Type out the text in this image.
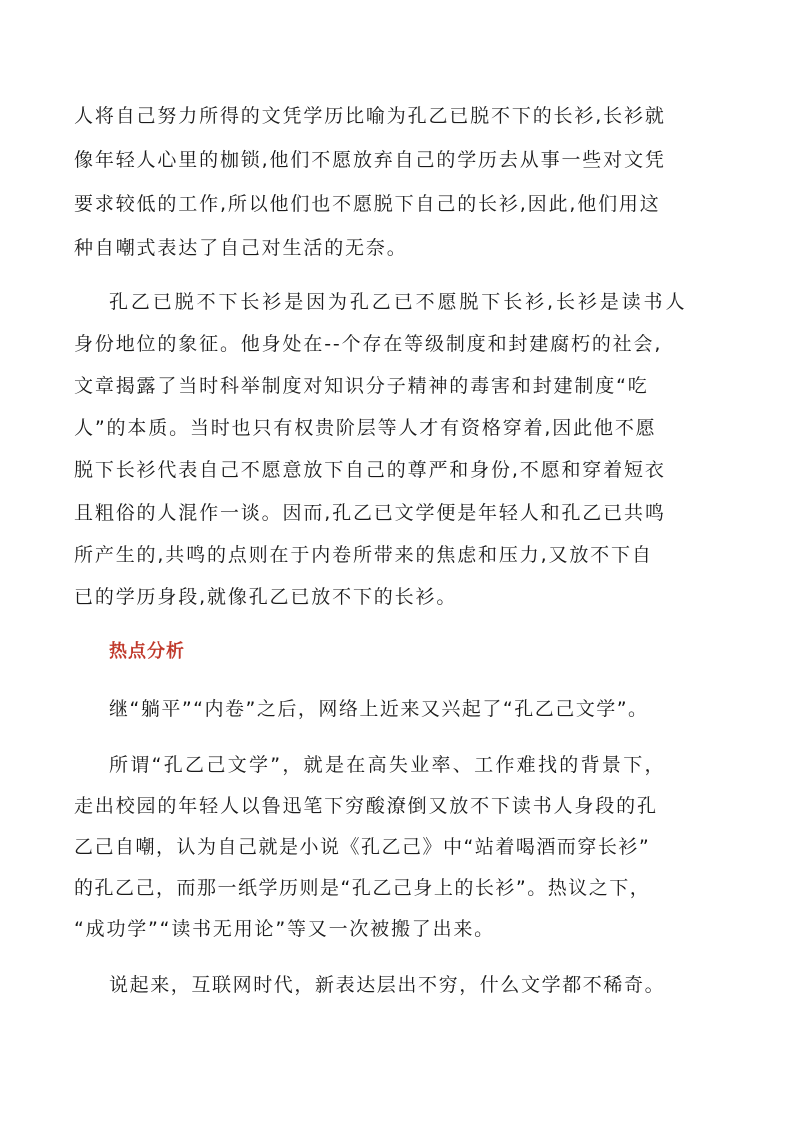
人将自己努力所得的文凭学历比喻为孔乙已脱不下的长衫,长衫就
像年轻人心里的枷锁,他们不愿放弃自己的学历去从事一些对文凭
要求较低的工作,所以他们也不愿脱下自己的长衫,因此,他们用这
种自嘲式表达了自己对生活的无奈。
孔乙已脱不下长衫是因为孔乙已不愿脱下长衫,长衫是读书人
身份地位的象征。他身处在--个存在等级制度和封建腐朽的社会,
文章揭露了当时科举制度对知识分子精神的毒害和封建制度“吃
人”的本质。当时也只有权贵阶层等人才有资格穿着,因此他不愿
脱下长衫代表自己不愿意放下自己的尊严和身份,不愿和穿着短衣
且粗俗的人混作一谈。因而,孔乙已文学便是年轻人和孔乙已共鸣
所产生的,共鸣的点则在于内卷所带来的焦虑和压力,又放不下自
已的学历身段,就像孔乙已放不下的长衫。
热点分析
继“躺平”“内卷”之后，网络上近来又兴起了“孔乙己文学”。
所谓“孔乙己文学”，就是在高失业率、工作难找的背景下，
走出校园的年轻人以鲁迅笔下穷酸潦倒又放不下读书人身段的孔
乙己自嘲，认为自己就是小说《孔乙己》中“站着喝酒而穿长衫”
的孔乙己，而那一纸学历则是“孔乙己身上的长衫”。热议之下，
“成功学”“读书无用论”等又一次被搬了出来。
说起来，互联网时代，新表达层出不穷，什么文学都不稀奇。
